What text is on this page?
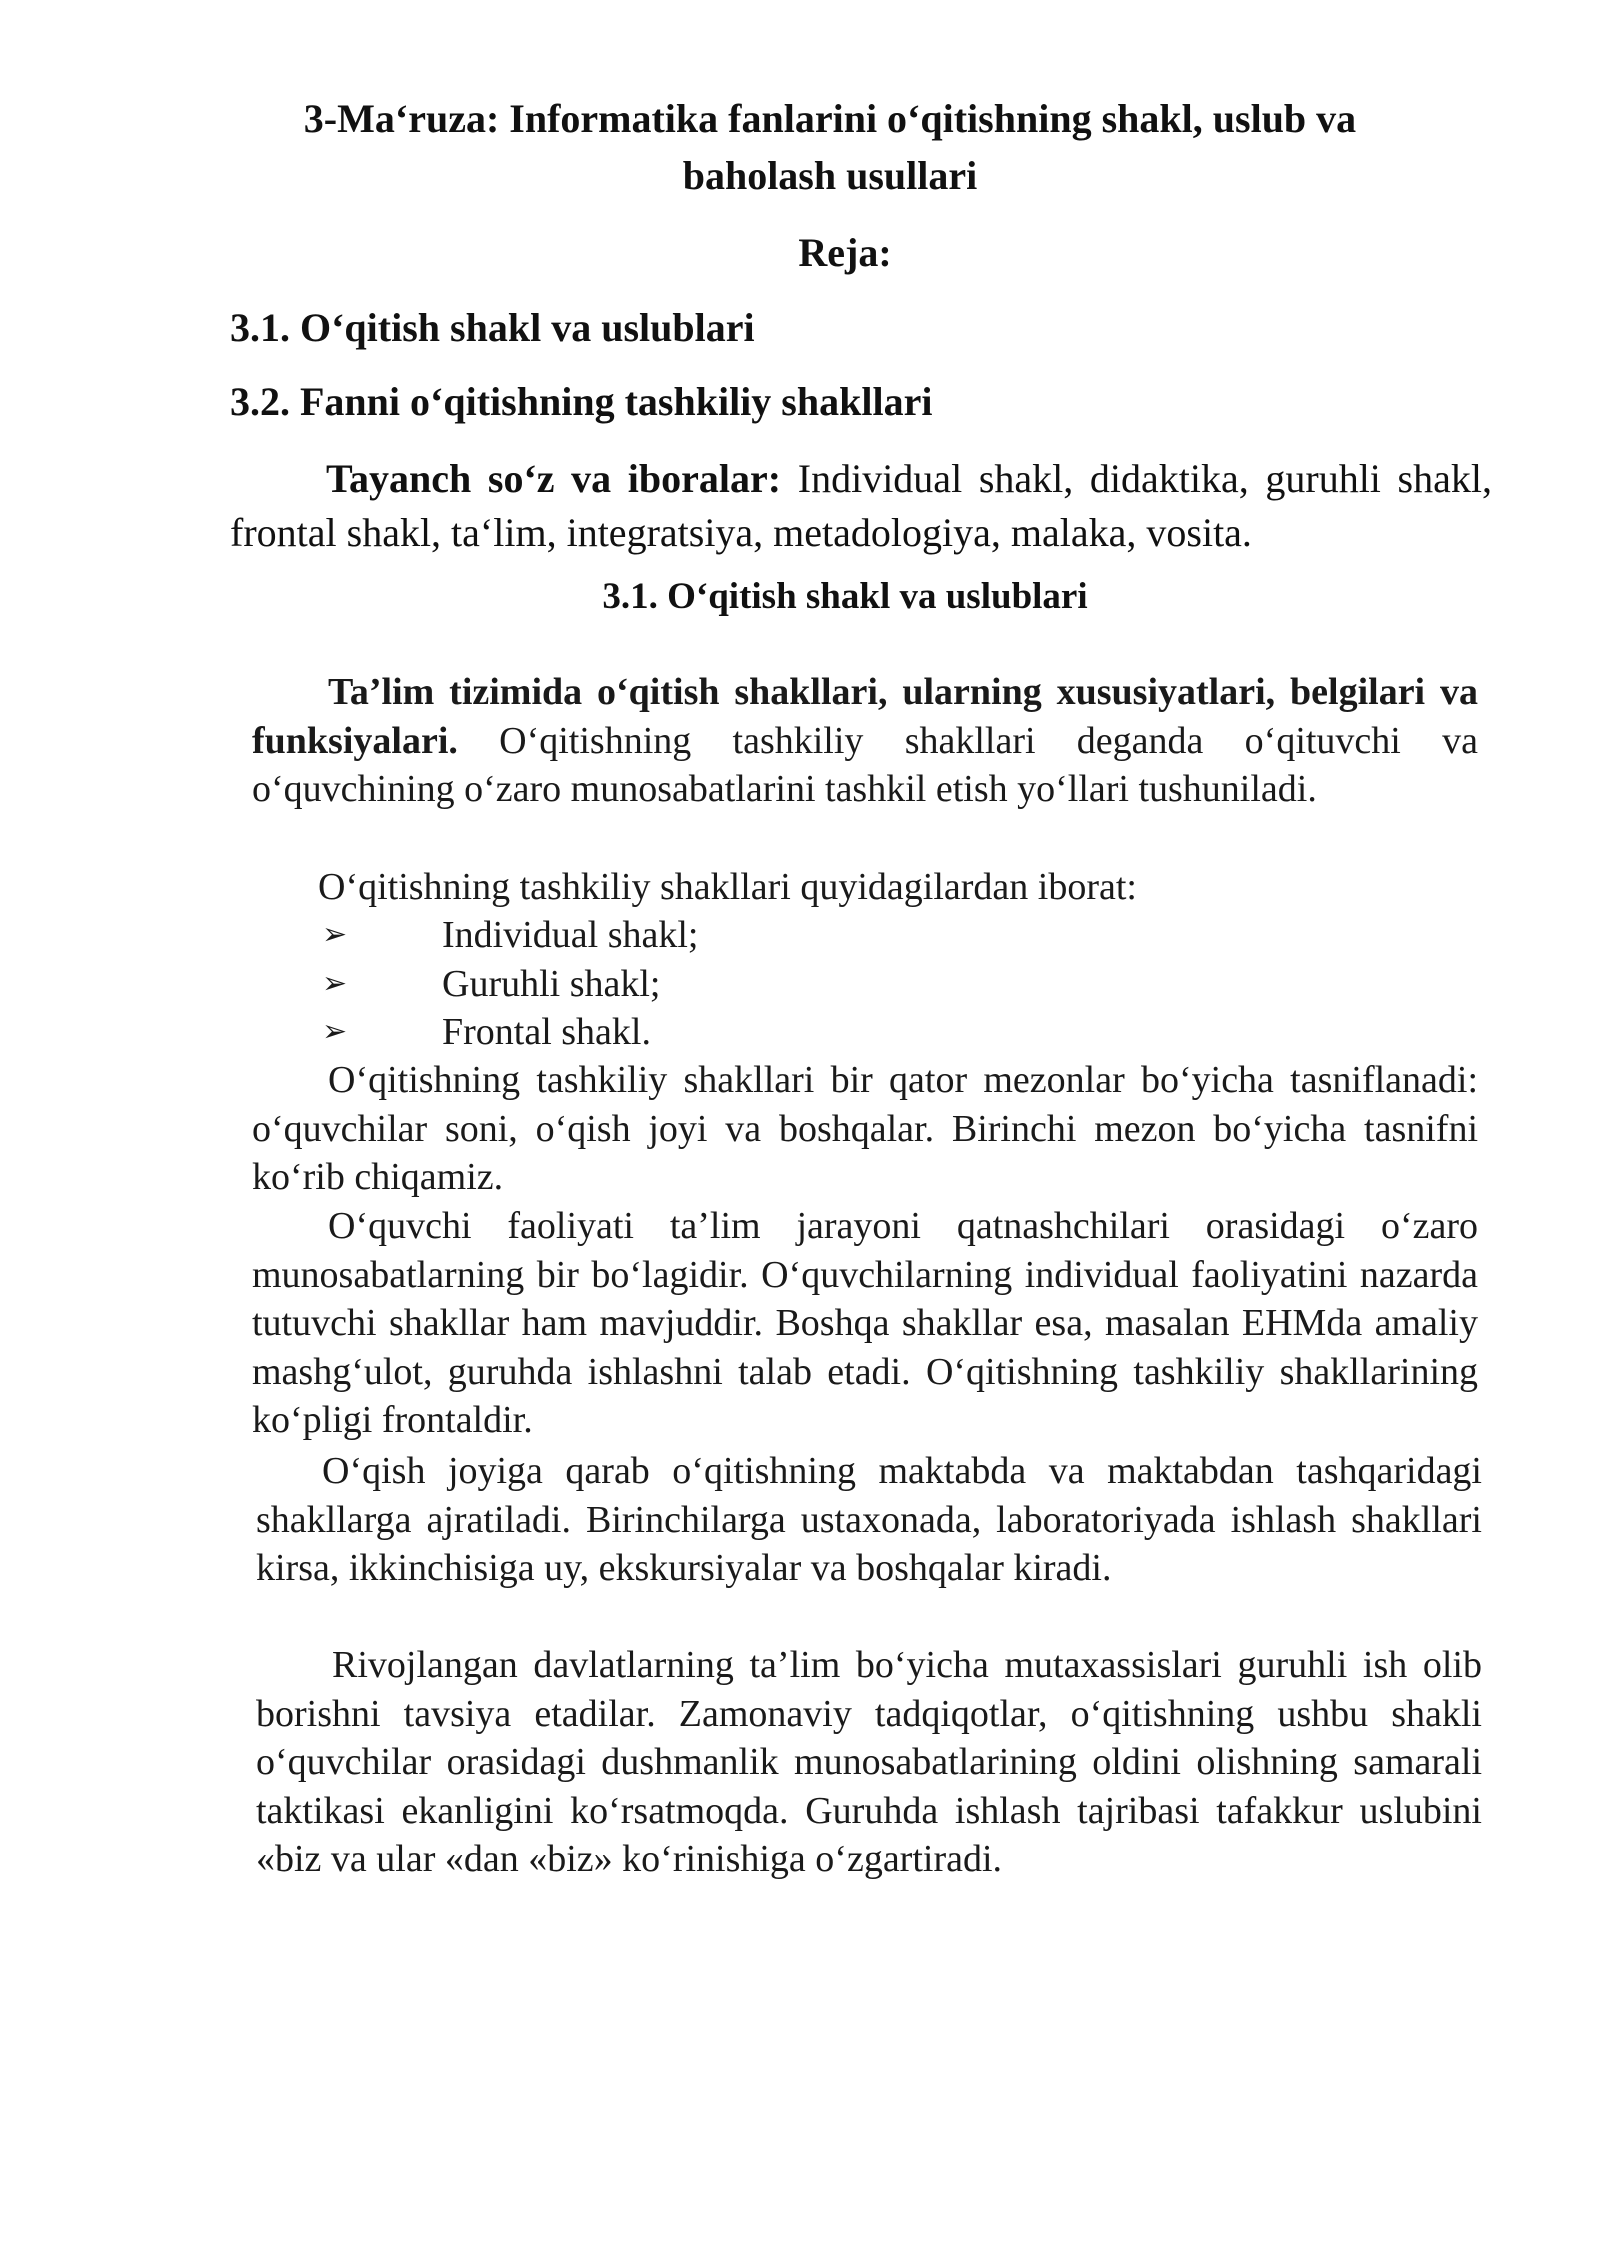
3-Ma‘ruza: Informatika fanlarini o‘qitishning shakl, uslub va baholash usullari
Reja:
3.1. O‘qitish shakl va uslublari
3.2. Fanni o‘qitishning tashkiliy shakllari
Tayanch so‘z va iboralar: Individual shakl, didaktika, guruhli shakl, frontal shakl, ta‘lim, integratsiya, metadologiya, malaka, vosita.
3.1. O‘qitish shakl va uslublari

Ta’lim tizimida o‘qitish shakllari, ularning xususiyatlari, belgilari va funksiyalari. O‘qitishning tashkiliy shakllari deganda o‘qituvchi va o‘quvchining o‘zaro munosabatlarini tashkil etish yo‘llari tushuniladi.

O‘qitishning tashkiliy shakllari quyidagilardan iborat:

➢ Individual shakl;
➢ Guruhli shakl;
➢ Frontal shakl.

O‘qitishning tashkiliy shakllari bir qator mezonlar bo‘yicha tasniflanadi: o‘quvchilar soni, o‘qish joyi va boshqalar. Birinchi mezon bo‘yicha tasnifni ko‘rib chiqamiz.

O‘quvchi faoliyati ta’lim jarayoni qatnashchilari orasidagi o‘zaro munosabatlarning bir bo‘lagidir. O‘quvchilarning individual faoliyatini nazarda tutuvchi shakllar ham mavjuddir. Boshqa shakllar esa, masalan EHMda amaliy mashg‘ulot, guruhda ishlashni talab etadi. O‘qitishning tashkiliy shakllarining ko‘pligi frontaldir.

O‘qish joyiga qarab o‘qitishning maktabda va maktabdan tashqaridagi shakllarga ajratiladi. Birinchilarga ustaxonada, laboratoriyada ishlash shakllari kirsa, ikkinchisiga uy, ekskursiyalar va boshqalar kiradi.

Rivojlangan davlatlarning ta’lim bo‘yicha mutaxassislari guruhli ish olib borishni tavsiya etadilar. Zamonaviy tadqiqotlar, o‘qitishning ushbu shakli o‘quvchilar orasidagi dushmanlik munosabatlarining oldini olishning samarali taktikasi ekanligini ko‘rsatmoqda. Guruhda ishlash tajribasi tafakkur uslubini «biz va ular «dan «biz» ko‘rinishiga o‘zgartiradi.
